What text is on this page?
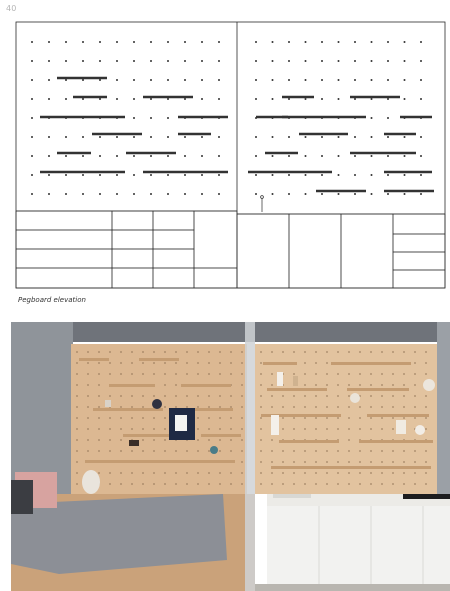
40
Pegboard elevation
